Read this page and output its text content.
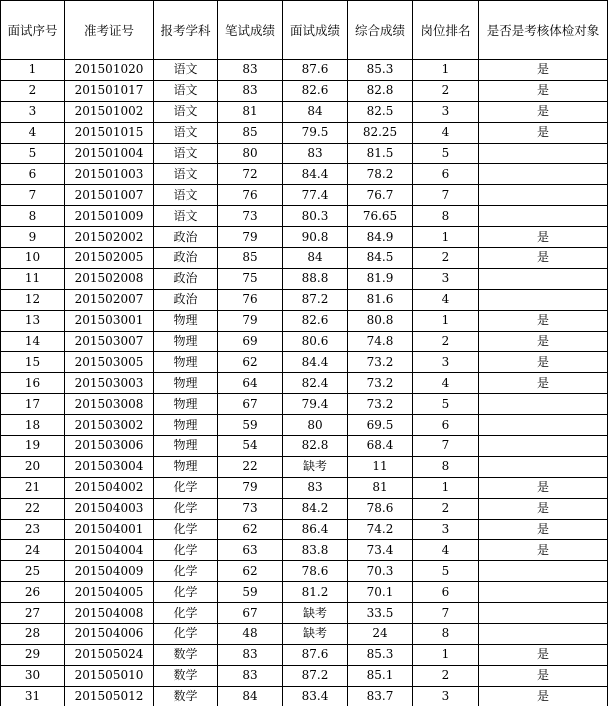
面试序号	准考证号	报考学科	笔试成绩	面试成绩	综合成绩	岗位排名	是否是考核体检对象
1	201501020	语文	83	87.6	85.3	1	是
2	201501017	语文	83	82.6	82.8	2	是
3	201501002	语文	81	84	82.5	3	是
4	201501015	语文	85	79.5	82.25	4	是
5	201501004	语文	80	83	81.5	5	
6	201501003	语文	72	84.4	78.2	6	
7	201501007	语文	76	77.4	76.7	7	
8	201501009	语文	73	80.3	76.65	8	
9	201502002	政治	79	90.8	84.9	1	是
10	201502005	政治	85	84	84.5	2	是
11	201502008	政治	75	88.8	81.9	3	
12	201502007	政治	76	87.2	81.6	4	
13	201503001	物理	79	82.6	80.8	1	是
14	201503007	物理	69	80.6	74.8	2	是
15	201503005	物理	62	84.4	73.2	3	是
16	201503003	物理	64	82.4	73.2	4	是
17	201503008	物理	67	79.4	73.2	5	
18	201503002	物理	59	80	69.5	6	
19	201503006	物理	54	82.8	68.4	7	
20	201503004	物理	22	缺考	11	8	
21	201504002	化学	79	83	81	1	是
22	201504003	化学	73	84.2	78.6	2	是
23	201504001	化学	62	86.4	74.2	3	是
24	201504004	化学	63	83.8	73.4	4	是
25	201504009	化学	62	78.6	70.3	5	
26	201504005	化学	59	81.2	70.1	6	
27	201504008	化学	67	缺考	33.5	7	
28	201504006	化学	48	缺考	24	8	
29	201505024	数学	83	87.6	85.3	1	是
30	201505010	数学	83	87.2	85.1	2	是
31	201505012	数学	84	83.4	83.7	3	是
